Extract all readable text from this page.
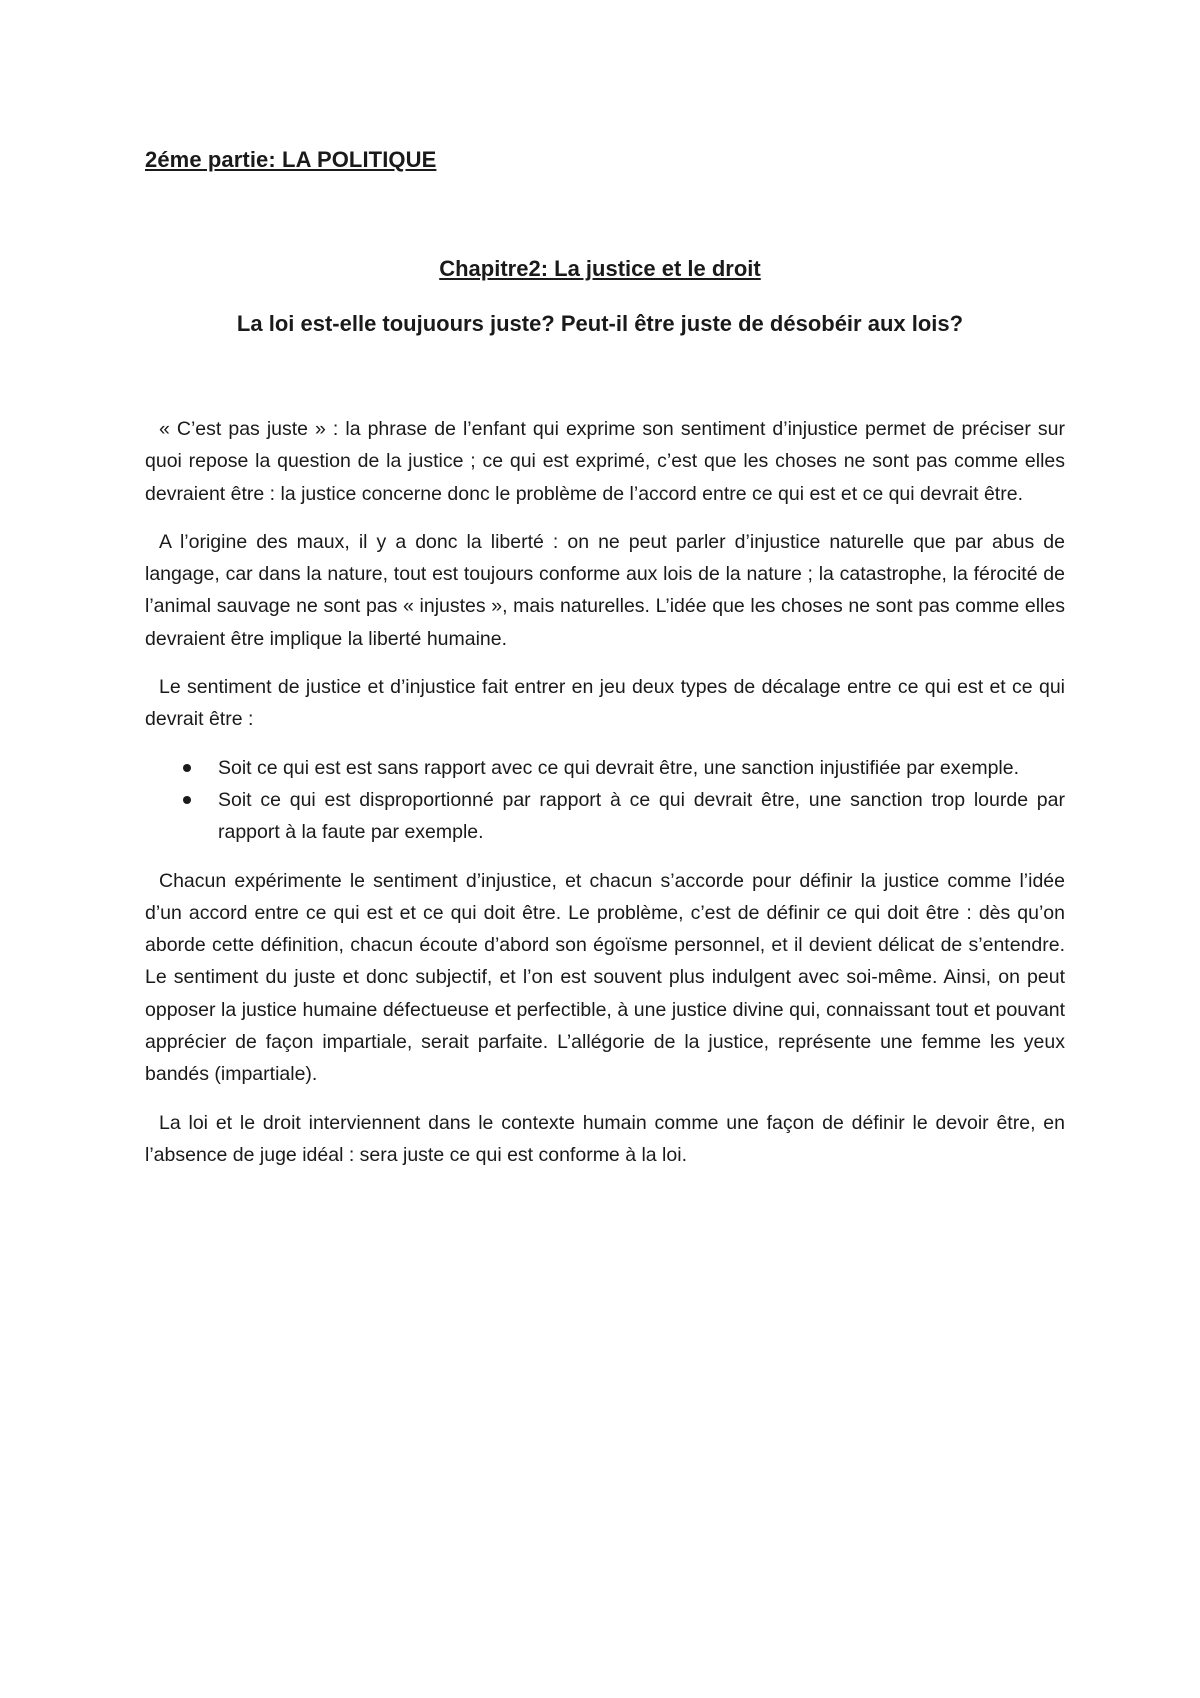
2éme partie: LA POLITIQUE
Chapitre2: La justice et le droit
La loi est-elle toujuours juste? Peut-il être juste de désobéir aux lois?

« C’est pas juste » : la phrase de l’enfant qui exprime son sentiment d’injustice permet de préciser sur quoi repose la question de la justice ; ce qui est exprimé, c’est que les choses ne sont pas comme elles devraient être : la justice concerne donc le problème de l’accord entre ce qui est et ce qui devrait être.

A l’origine des maux, il y a donc la liberté : on ne peut parler d’injustice naturelle que par abus de langage, car dans la nature, tout est toujours conforme aux lois de la nature ; la catastrophe, la férocité de l’animal sauvage ne sont pas « injustes », mais naturelles. L’idée que les choses ne sont pas comme elles devraient être implique la liberté humaine.

Le sentiment de justice et d’injustice fait entrer en jeu deux types de décalage entre ce qui est et ce qui devrait être :

Soit ce qui est est sans rapport avec ce qui devrait être, une sanction injustifiée par exemple.
Soit ce qui est disproportionné par rapport à ce qui devrait être, une sanction trop lourde par rapport à la faute par exemple.

Chacun expérimente le sentiment d’injustice, et chacun s’accorde pour définir la justice comme l’idée d’un accord entre ce qui est et ce qui doit être. Le problème, c’est de définir ce qui doit être : dès qu’on aborde cette définition, chacun écoute d’abord son égoïsme personnel, et il devient délicat de s’entendre. Le sentiment du juste et donc subjectif, et l’on est souvent plus indulgent avec soi-même. Ainsi, on peut opposer la justice humaine défectueuse et perfectible, à une justice divine qui, connaissant tout et pouvant apprécier de façon impartiale, serait parfaite. L’allégorie de la justice, représente une femme les yeux bandés (impartiale).

La loi et le droit interviennent dans le contexte humain comme une façon de définir le devoir être, en l’absence de juge idéal : sera juste ce qui est conforme à la loi.
